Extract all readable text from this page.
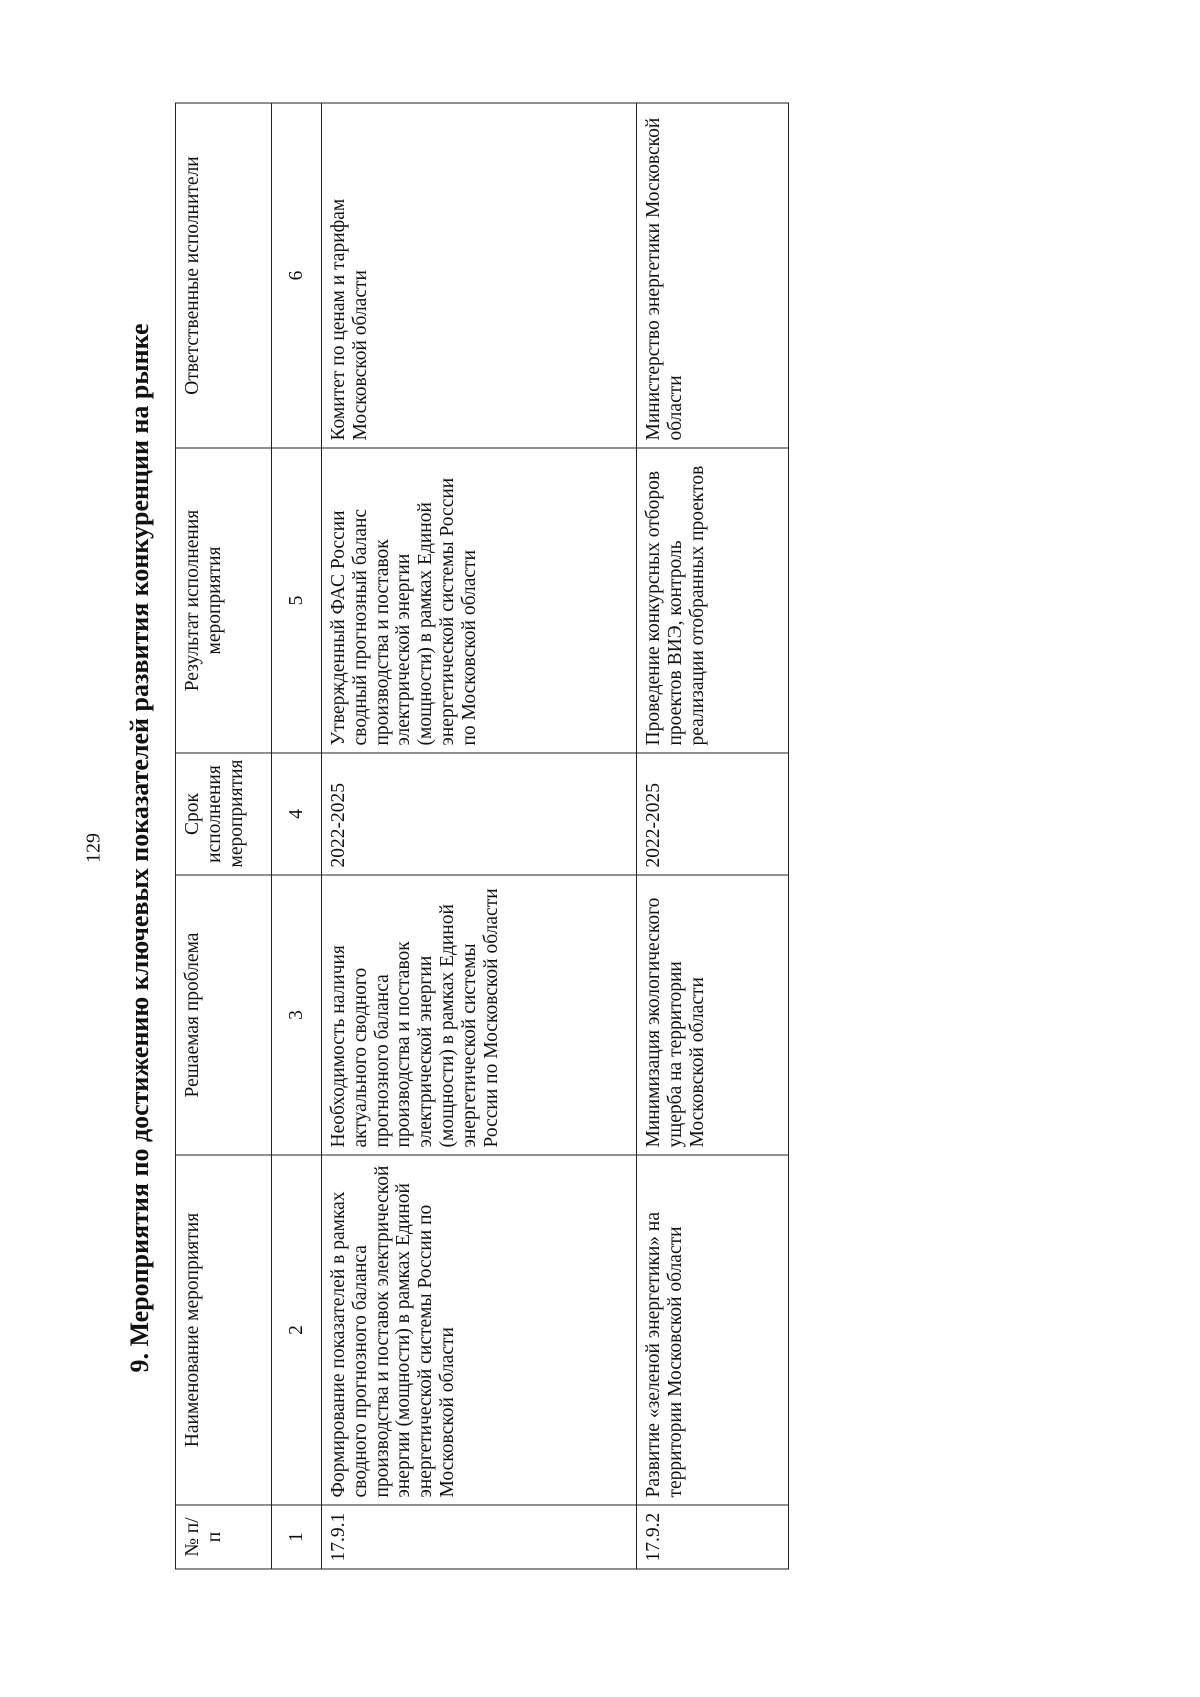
129 9. Мероприятия по достижению ключевых показателей развития конкуренции на рынке
№ п/п	Наименование мероприятия	Решаемая проблема	Срок исполнения мероприятия	Результат исполнения мероприятия	Ответственные исполнители
1	2	3	4	5	6
17.9.1	Формирование показателей в рамках сводного прогнозного баланса производства и поставок электрической энергии (мощности) в рамках Единой энергетической системы России по Московской области	Необходимость наличия актуального сводного прогнозного баланса производства и поставок электрической энергии (мощности) в рамках Единой энергетической системы России по Московской области	2022-2025	Утвержденный ФАС России сводный прогнозный баланс производства и поставок электрической энергии (мощности) в рамках Единой энергетической системы России по Московской области	Комитет по ценам и тарифам Московской области
17.9.2	Развитие «зеленой энергетики» на территории Московской области	Минимизация экологического ущерба на территории Московской области	2022-2025	Проведение конкурсных отборов проектов ВИЭ, контроль реализации отобранных проектов	Министерство энергетики Московской области
